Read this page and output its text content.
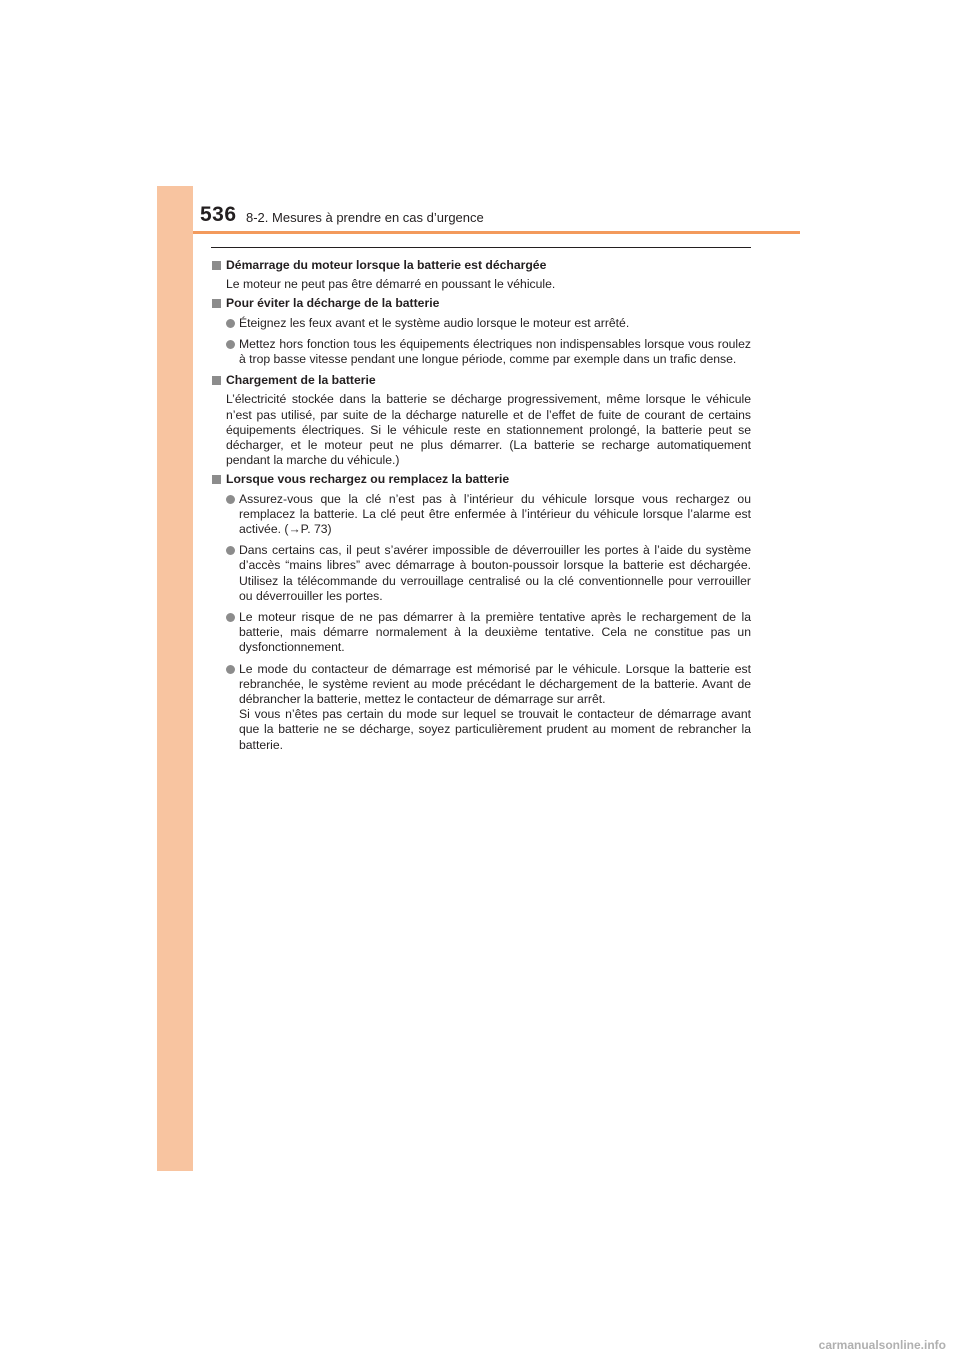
536 8-2. Mesures à prendre en cas d’urgence
Démarrage du moteur lorsque la batterie est déchargée
Le moteur ne peut pas être démarré en poussant le véhicule.
Pour éviter la décharge de la batterie
Éteignez les feux avant et le système audio lorsque le moteur est arrêté.
Mettez hors fonction tous les équipements électriques non indispensables lorsque vous roulez à trop basse vitesse pendant une longue période, comme par exemple dans un trafic dense.
Chargement de la batterie
L’électricité stockée dans la batterie se décharge progressivement, même lorsque le véhicule n’est pas utilisé, par suite de la décharge naturelle et de l’effet de fuite de courant de certains équipements électriques. Si le véhicule reste en stationnement prolongé, la batterie peut se décharger, et le moteur peut ne plus démarrer. (La batterie se recharge automatiquement pendant la marche du véhicule.)
Lorsque vous rechargez ou remplacez la batterie
Assurez-vous que la clé n’est pas à l’intérieur du véhicule lorsque vous rechargez ou remplacez la batterie. La clé peut être enfermée à l’intérieur du véhicule lorsque l’alarme est activée. (→P. 73)
Dans certains cas, il peut s’avérer impossible de déverrouiller les portes à l’aide du système d’accès “mains libres” avec démarrage à bouton-poussoir lorsque la batterie est déchargée. Utilisez la télécommande du verrouillage centralisé ou la clé conventionnelle pour verrouiller ou déverrouiller les portes.
Le moteur risque de ne pas démarrer à la première tentative après le rechargement de la batterie, mais démarre normalement à la deuxième tentative. Cela ne constitue pas un dysfonctionnement.

Le mode du contacteur de démarrage est mémorisé par le véhicule. Lorsque la batterie est rebranchée, le système revient au mode précédant le déchargement de la batterie. Avant de débrancher la batterie, mettez le contacteur de démarrage sur arrêt.

Si vous n’êtes pas certain du mode sur lequel se trouvait le contacteur de démarrage avant que la batterie ne se décharge, soyez particulièrement prudent au moment de rebrancher la batterie.

carmanualsonline.info
